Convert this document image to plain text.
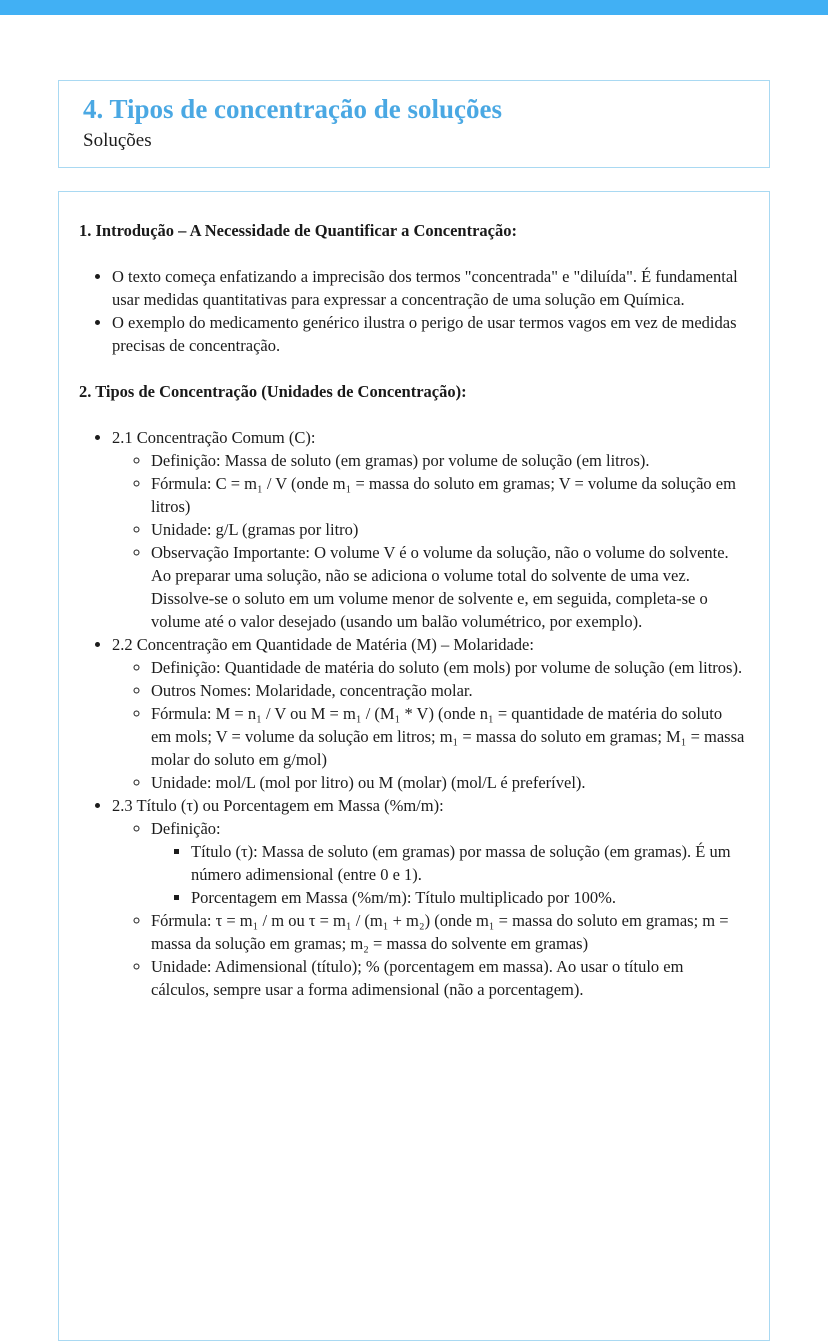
4. Tipos de concentração de soluções

Soluções

1. Introdução – A Necessidade de Quantificar a Concentração:
• O texto começa enfatizando a imprecisão dos termos "concentrada" e "diluída". É fundamental usar medidas quantitativas para expressar a concentração de uma solução em Química.
• O exemplo do medicamento genérico ilustra o perigo de usar termos vagos em vez de medidas precisas de concentração.
2. Tipos de Concentração (Unidades de Concentração):
• 2.1 Concentração Comum (C):
◦ Definição: Massa de soluto (em gramas) por volume de solução (em litros).
◦ Fórmula: C = m₁ / V (onde m₁ = massa do soluto em gramas; V = volume da solução em litros)
◦ Unidade: g/L (gramas por litro)
◦ Observação Importante: O volume V é o volume da solução, não o volume do solvente. Ao preparar uma solução, não se adiciona o volume total do solvente de uma vez. Dissolve-se o soluto em um volume menor de solvente e, em seguida, completa-se o volume até o valor desejado (usando um balão volumétrico, por exemplo).
• 2.2 Concentração em Quantidade de Matéria (M) – Molaridade:
◦ Definição: Quantidade de matéria do soluto (em mols) por volume de solução (em litros).
◦ Outros Nomes: Molaridade, concentração molar.
◦ Fórmula: M = n₁ / V ou M = m₁ / (M₁ * V) (onde n₁ = quantidade de matéria do soluto em mols; V = volume da solução em litros; m₁ = massa do soluto em gramas; M₁ = massa molar do soluto em g/mol)
◦ Unidade: mol/L (mol por litro) ou M (molar) (mol/L é preferível).
• 2.3 Título (τ) ou Porcentagem em Massa (%m/m):
◦ Definição:
▪ Título (τ): Massa de soluto (em gramas) por massa de solução (em gramas). É um número adimensional (entre 0 e 1).
▪ Porcentagem em Massa (%m/m): Título multiplicado por 100%.
◦ Fórmula: τ = m₁ / m ou τ = m₁ / (m₁ + m₂) (onde m₁ = massa do soluto em gramas; m = massa da solução em gramas; m₂ = massa do solvente em gramas)
◦ Unidade: Adimensional (título); % (porcentagem em massa). Ao usar o título em cálculos, sempre usar a forma adimensional (não a porcentagem).
